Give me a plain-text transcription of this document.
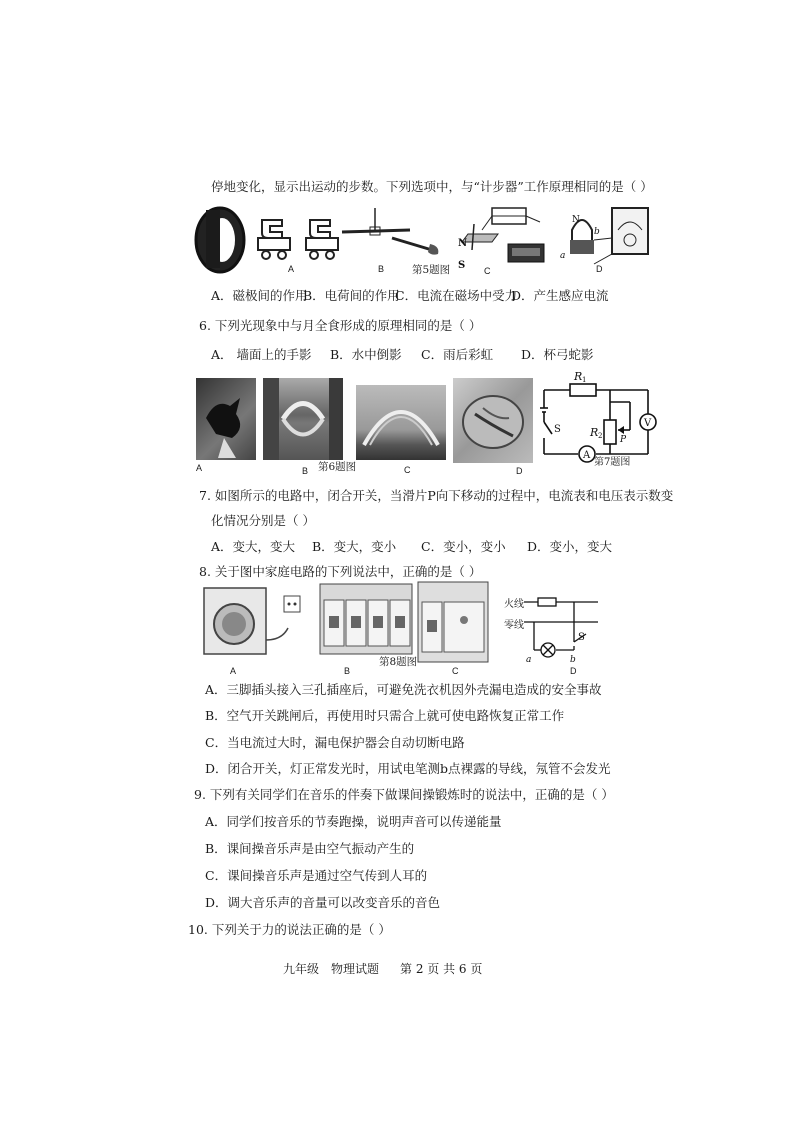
停地变化，显示出运动的步数。下列选项中，与“计步器”工作原理相同的是（ ）
N
S
N
a
b
A	B	第5题图	C	D
A．磁极间的作用
B．电荷间的作用
C．电流在磁场中受力
D．产生感应电流
6. 下列光现象中与月全食形成的原理相同的是（ ）
A． 墙面上的手影 B．水中倒影 C．雨后彩虹 D．杯弓蛇影
A	B 第6题图	C	D
R 1
R 2 P
S
A
V
第7题图
7. 如图所示的电路中，闭合开关，当滑片P向下移动的过程中，电流表和电压表示数变
化情况分别是（ ）
A．变大，变大 B．变大，变小 C．变小，变小 D．变小，变大
8. 关于图中家庭电路的下列说法中，正确的是（ ）
S
a	b
火线
零线
A	B
第8题图
C	D
A．三脚插头接入三孔插座后，可避免洗衣机因外壳漏电造成的安全事故
B．空气开关跳闸后，再使用时只需合上就可使电路恢复正常工作
C．当电流过大时，漏电保护器会自动切断电路
D．闭合开关，灯正常发光时，用试电笔测b点裸露的导线，氖管不会发光
9. 下列有关同学们在音乐的伴奏下做课间操锻炼时的说法中，正确的是（ ）
A．同学们按音乐的节奏跑操，说明声音可以传递能量
B．课间操音乐声是由空气振动产生的
C．课间操音乐声是通过空气传到人耳的
D．调大音乐声的音量可以改变音乐的音色
10. 下列关于力的说法正确的是（ ）
九年级 物理试题 第 2 页 共 6 页
